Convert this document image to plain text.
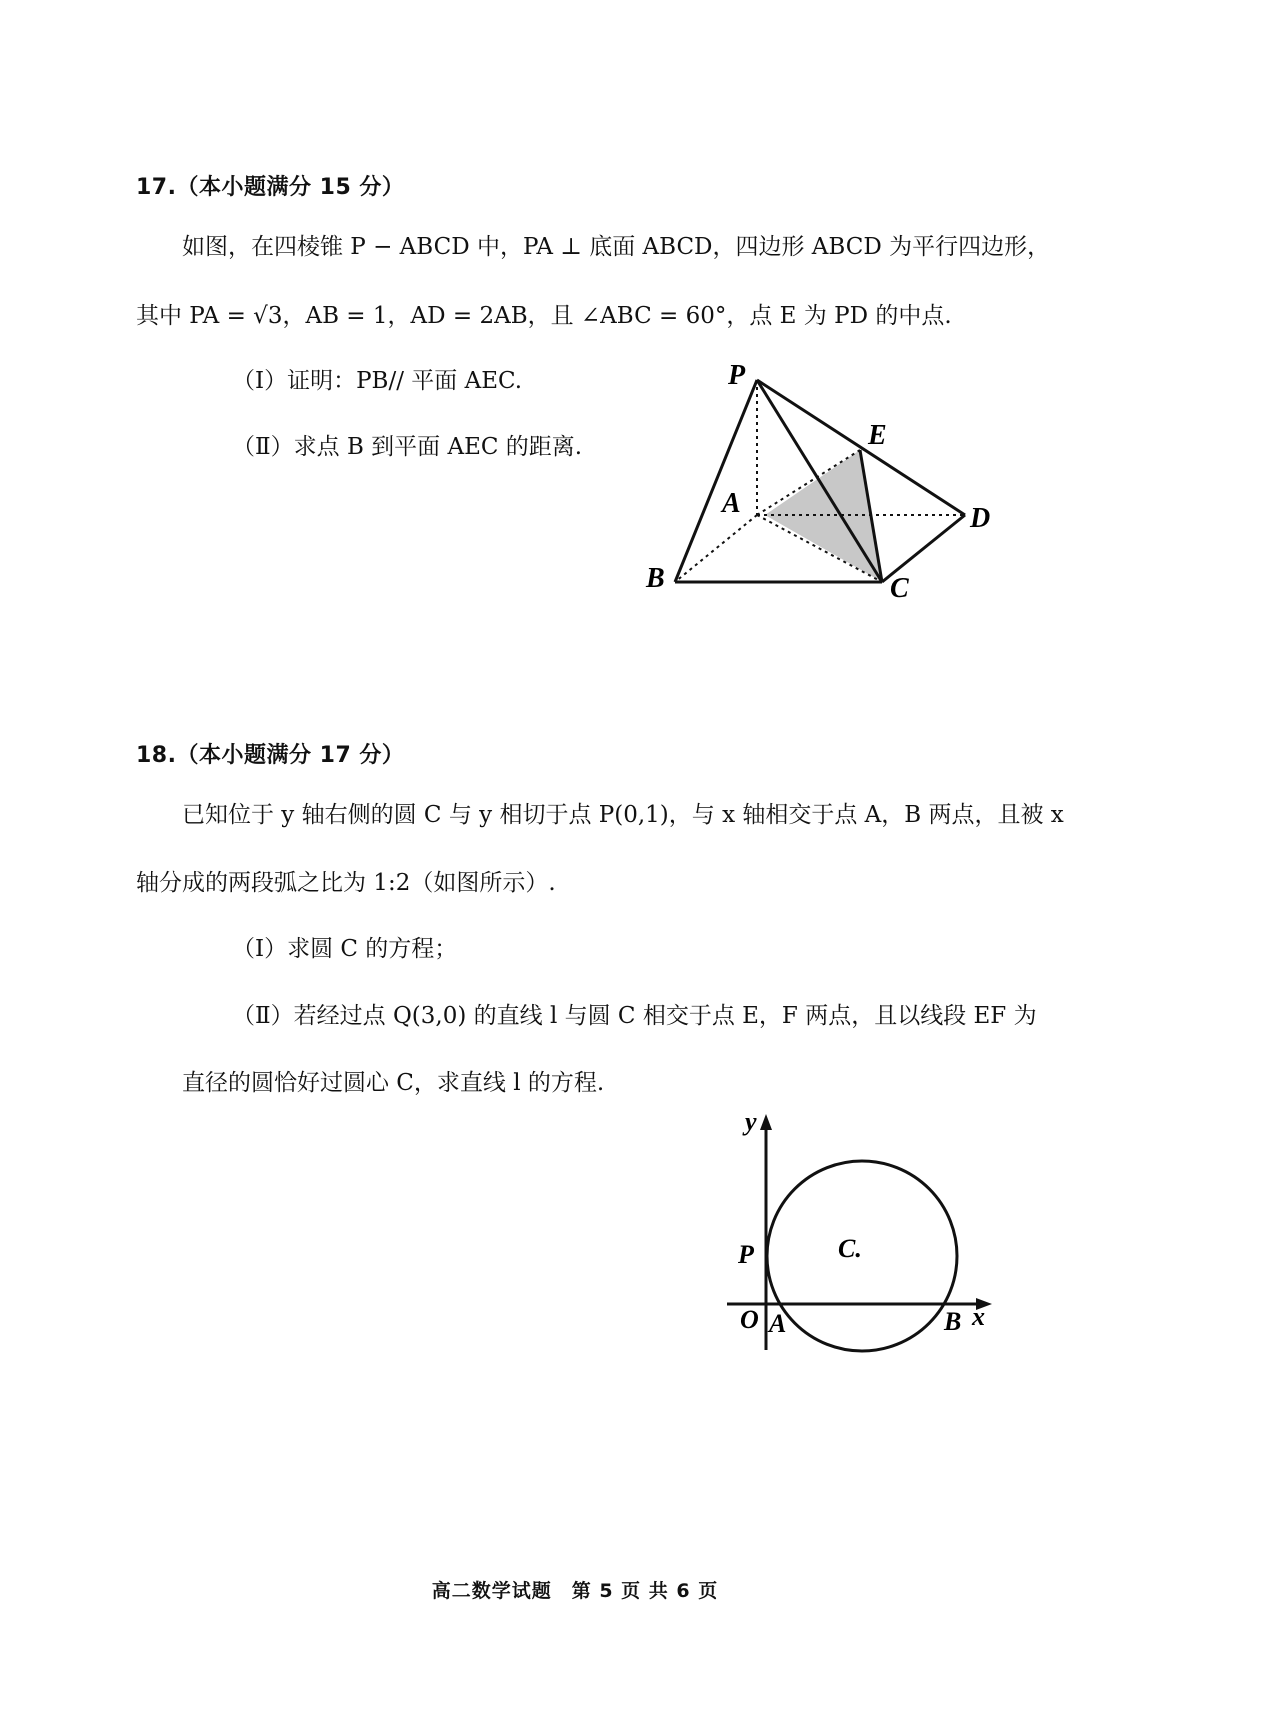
17.（本小题满分 15 分）
如图，在四棱锥 P − ABCD 中，PA ⊥ 底面 ABCD，四边形 ABCD 为平行四边形，
其中 PA = √3，AB = 1，AD = 2AB，且 ∠ABC = 60°，点 E 为 PD 的中点.
（Ⅰ）证明：PB// 平面 AEC.
（Ⅱ）求点 B 到平面 AEC 的距离.
P
E
A	D
B	C
18.（本小题满分 17 分）
已知位于 y 轴右侧的圆 C 与 y 相切于点 P(0,1)，与 x 轴相交于点 A，B 两点，且被 x
轴分成的两段弧之比为 1:2（如图所示）.
（Ⅰ）求圆 C 的方程；
（Ⅱ）若经过点 Q(3,0) 的直线 l 与圆 C 相交于点 E，F 两点，且以线段 EF 为
直径的圆恰好过圆心 C，求直线 l 的方程.
y
x
P	C.
O A	B
高二数学试题　第 5 页 共 6 页
